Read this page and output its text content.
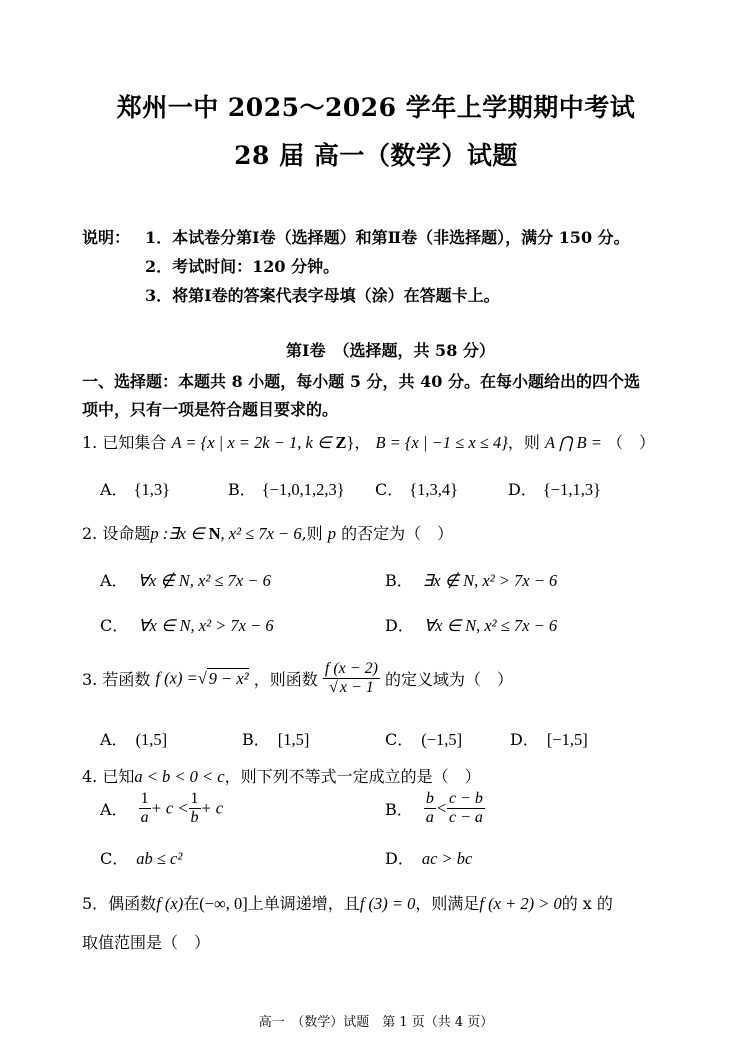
郑州一中 2025～2026 学年上学期期中考试
28 届 高一（数学）试题
说明： 1．本试卷分第Ⅰ卷（选择题）和第Ⅱ卷（非选择题），满分 150 分。
2．考试时间：120 分钟。
3．将第Ⅰ卷的答案代表字母填（涂）在答题卡上。
第Ⅰ卷　（选择题，共 58 分）
一、选择题：本题共 8 小题，每小题 5 分，共 40 分。在每小题给出的四个选
项中，只有一项是符合题目要求的。
1. 已知集合 A = {x | x = 2k − 1, k ∈ Z}， B = {x | −1 ≤ x ≤ 4}，则 A ⋂ B = （　）
A． {1,3}	B． {−1,0,1,2,3} C． {1,3,4}	D． {−1,1,3}
2. 设命题p :∃x ∈ N, x² ≤ 7x − 6,则 p 的否定为（　）
A． ∀x ∉ N, x² ≤ 7x − 6	B． ∃x ∉ N, x² > 7x − 6
C． ∀x ∈ N, x² > 7x − 6	D． ∀x ∈ N, x² ≤ 7x − 6
3. 若函数 f (x) =√ 9 − x² ，则函数 $\frac{f (x - 2)}{√ x - 1}$ 的定义域为（　）
A． (1,5]	B． [1,5]	C． (−1,5]	D． [−1,5]
4. 已知a < b < 0 < c，则下列不等式一定成立的是（　）
A． $\frac{1}{a} + c < \frac{1}{b} + c$	B． $\frac{b}{a} < \frac{c - b}{c - a}$
C． ab ≤ c²	D． ac > bc
5．偶函数f (x)在(−∞, 0]上单调递增，且f (3) = 0，则满足f (x + 2) > 0的 x 的
取值范围是（　）
高一　（数学）试题　第 1 页（共 4 页）
